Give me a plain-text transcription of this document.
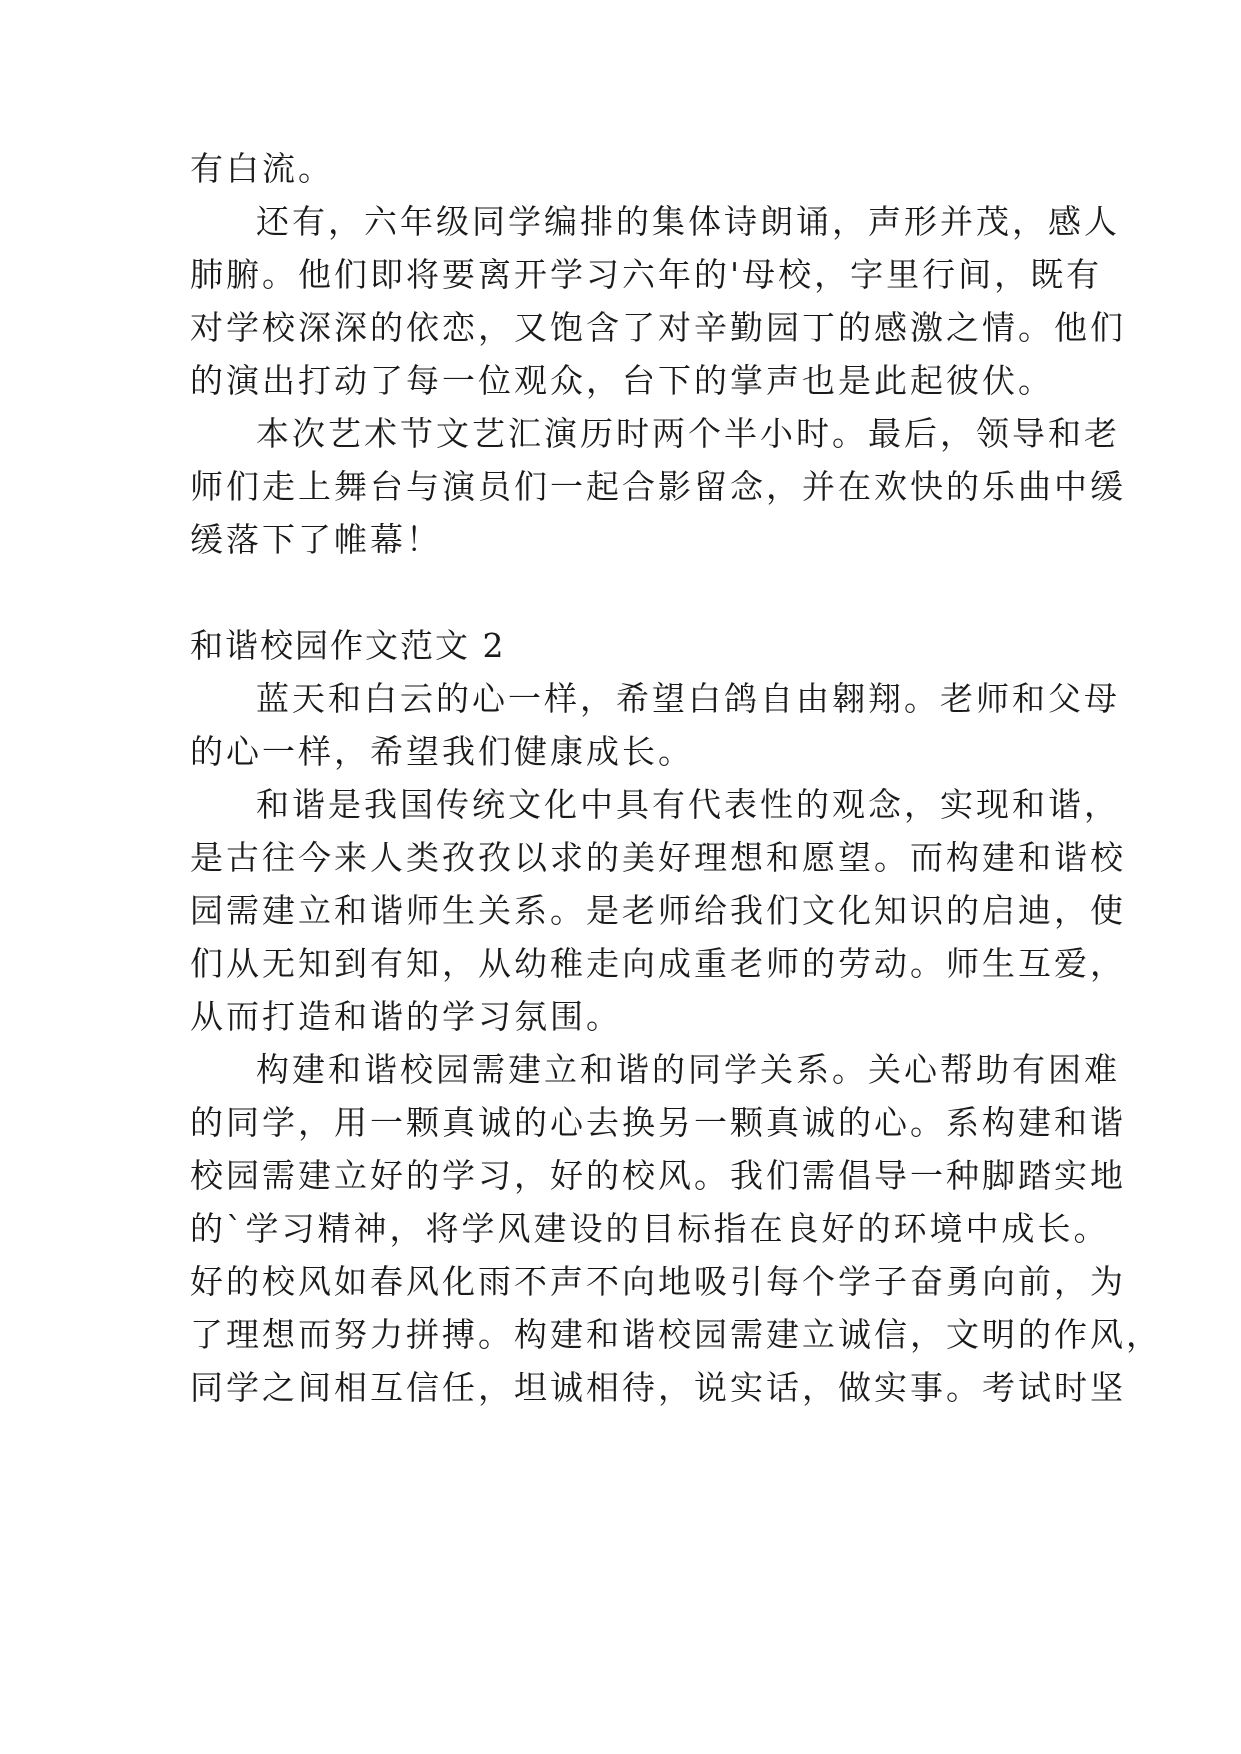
有白流。
还有，六年级同学编排的集体诗朗诵，声形并茂，感人
肺腑。他们即将要离开学习六年的'母校，字里行间，既有
对学校深深的依恋，又饱含了对辛勤园丁的感激之情。他们
的演出打动了每一位观众，台下的掌声也是此起彼伏。
本次艺术节文艺汇演历时两个半小时。最后，领导和老
师们走上舞台与演员们一起合影留念，并在欢快的乐曲中缓
缓落下了帷幕！
和谐校园作文范文 2
蓝天和白云的心一样，希望白鸽自由翱翔。老师和父母
的心一样，希望我们健康成长。
和谐是我国传统文化中具有代表性的观念，实现和谐，
是古往今来人类孜孜以求的美好理想和愿望。而构建和谐校
园需建立和谐师生关系。是老师给我们文化知识的启迪，使
们从无知到有知，从幼稚走向成重老师的劳动。师生互爱，
从而打造和谐的学习氛围。
构建和谐校园需建立和谐的同学关系。关心帮助有困难
的同学，用一颗真诚的心去换另一颗真诚的心。系构建和谐
校园需建立好的学习，好的校风。我们需倡导一种脚踏实地
的`学习精神，将学风建设的目标指在良好的环境中成长。
好的校风如春风化雨不声不向地吸引每个学子奋勇向前，为
了理想而努力拼搏。构建和谐校园需建立诚信，文明的作风，
同学之间相互信任，坦诚相待，说实话，做实事。考试时坚
